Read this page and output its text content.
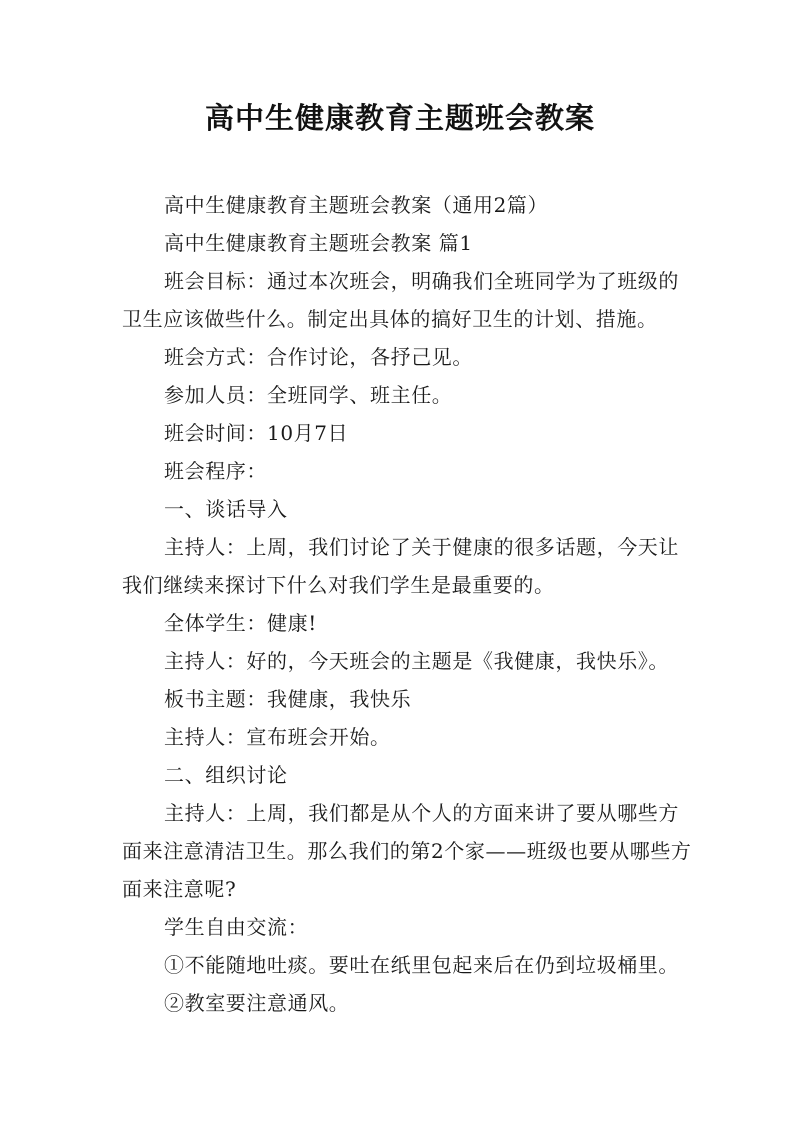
高中生健康教育主题班会教案

高中生健康教育主题班会教案（通用2篇）

高中生健康教育主题班会教案 篇1

班会目标：通过本次班会，明确我们全班同学为了班级的卫生应该做些什么。制定出具体的搞好卫生的计划、措施。

班会方式：合作讨论，各抒己见。

参加人员：全班同学、班主任。

班会时间：10月7日

班会程序：

一、谈话导入

主持人：上周，我们讨论了关于健康的很多话题，今天让我们继续来探讨下什么对我们学生是最重要的。

全体学生：健康!

主持人：好的，今天班会的主题是《我健康，我快乐》。

板书主题：我健康，我快乐

主持人：宣布班会开始。

二、组织讨论

主持人：上周，我们都是从个人的方面来讲了要从哪些方面来注意清洁卫生。那么我们的第2个家——班级也要从哪些方面来注意呢?

学生自由交流：

①不能随地吐痰。要吐在纸里包起来后在仍到垃圾桶里。

②教室要注意通风。
